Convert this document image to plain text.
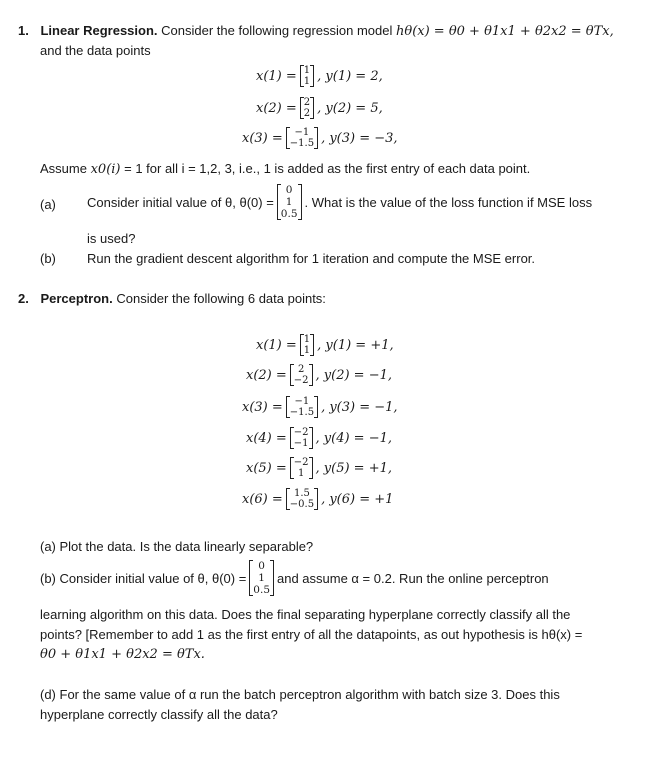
1. Linear Regression. Consider the following regression model hθ(x) = θ0 + θ1x1 + θ2x2 = θTx,
and the data points
x(1) = 1
1 , y(1) = 2,
x(2) = 2
2 , y(2) = 5,
x(3) = −1
−1.5 , y(3) = −3,
Assume x0(i) = 1 for all i = 1,2, 3, i.e., 1 is added as the first entry of each data point.
(a) Consider initial value of θ, θ(0) =
0
1
0.5
. What is the value of the loss function if MSE loss
is used?
(b) Run the gradient descent algorithm for 1 iteration and compute the MSE error.
2. Perceptron. Consider the following 6 data points:
x(1) = 1
1 , y(1) = +1,
x(2) = 2
−2 , y(2) = −1,
x(3) = −1
−1.5 , y(3) = −1,
x(4) = −2
−1 , y(4) = −1,
x(5) = −2
1 , y(5) = +1,
x(6) = 1.5
−0.5 , y(6) = +1
(a) Plot the data. Is the data linearly separable?
(b) Consider initial value of θ, θ(0) =
0
1
0.5
and assume α = 0.2. Run the online perceptron
learning algorithm on this data. Does the final separating hyperplane correctly classify all the
points? [Remember to add 1 as the first entry of all the datapoints, as out hypothesis is hθ(x) =
θ0 + θ1x1 + θ2x2 = θTx.
(d) For the same value of α run the batch perceptron algorithm with batch size 3. Does this
hyperplane correctly classify all the data?
